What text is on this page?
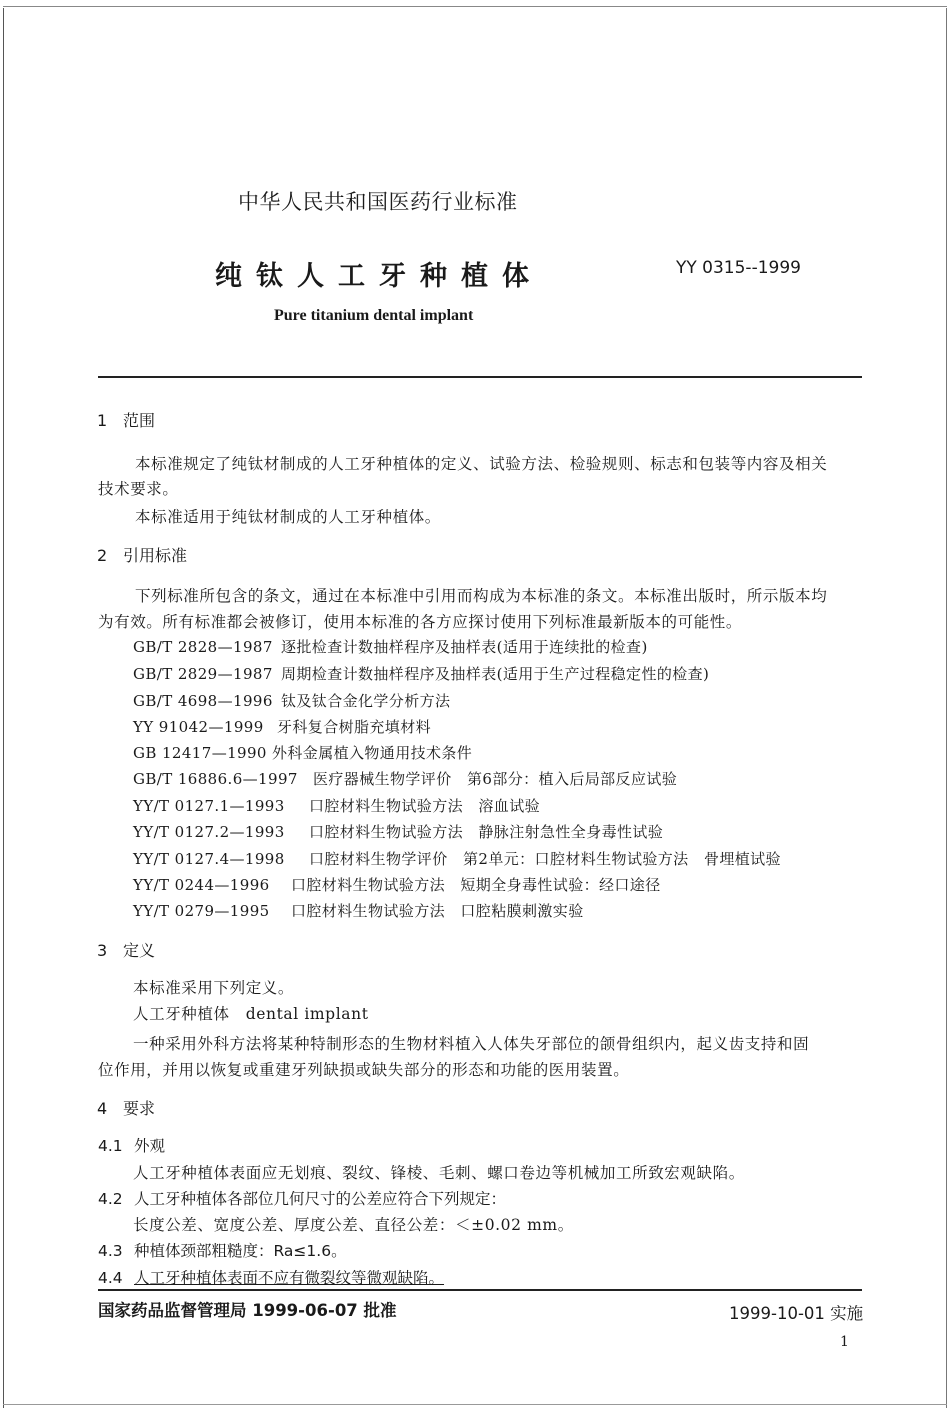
中华人民共和国医药行业标准
纯钛人工牙种植体	YY 0315--1999
Pure titanium dental implant
1 范围
本标准规定了纯钛材制成的人工牙种植体的定义、试验方法、检验规则、标志和包装等内容及相关
技术要求。
本标准适用于纯钛材制成的人工牙种植体。
2 引用标准
下列标准所包含的条文，通过在本标准中引用而构成为本标准的条文。本标准出版时，所示版本均
为有效。所有标准都会被修订，使用本标准的各方应探讨使用下列标准最新版本的可能性。
GB/T 2828—1987 逐批检查计数抽样程序及抽样表(适用于连续批的检查)
GB/T 2829—1987 周期检查计数抽样程序及抽样表(适用于生产过程稳定性的检查)
GB/T 4698—1996 钛及钛合金化学分析方法
YY 91042—1999 牙科复合树脂充填材料
GB 12417—1990 外科金属植入物通用技术条件
GB/T 16886.6—1997 医疗器械生物学评价　第6部分：植入后局部反应试验
YY/T 0127.1—1993 口腔材料生物试验方法　溶血试验
YY/T 0127.2—1993 口腔材料生物试验方法　静脉注射急性全身毒性试验
YY/T 0127.4—1998 口腔材料生物学评价　第2单元：口腔材料生物试验方法　骨埋植试验
YY/T 0244—1996 口腔材料生物试验方法　短期全身毒性试验：经口途径
YY/T 0279—1995 口腔材料生物试验方法　口腔粘膜刺激实验
3 定义
本标准采用下列定义。
人工牙种植体　dental implant
一种采用外科方法将某种特制形态的生物材料植入人体失牙部位的颌骨组织内，起义齿支持和固
位作用，并用以恢复或重建牙列缺损或缺失部分的形态和功能的医用装置。
4 要求
4.1 外观
人工牙种植体表面应无划痕、裂纹、锋棱、毛刺、螺口卷边等机械加工所致宏观缺陷。
4.2 人工牙种植体各部位几何尺寸的公差应符合下列规定：
长度公差、宽度公差、厚度公差、直径公差：＜±0.02 mm。
4.3 种植体颈部粗糙度：Ra≤1.6。
4.4 人工牙种植体表面不应有微裂纹等微观缺陷。
国家药品监督管理局 1999-06-07 批准	1999-10-01 实施
1
